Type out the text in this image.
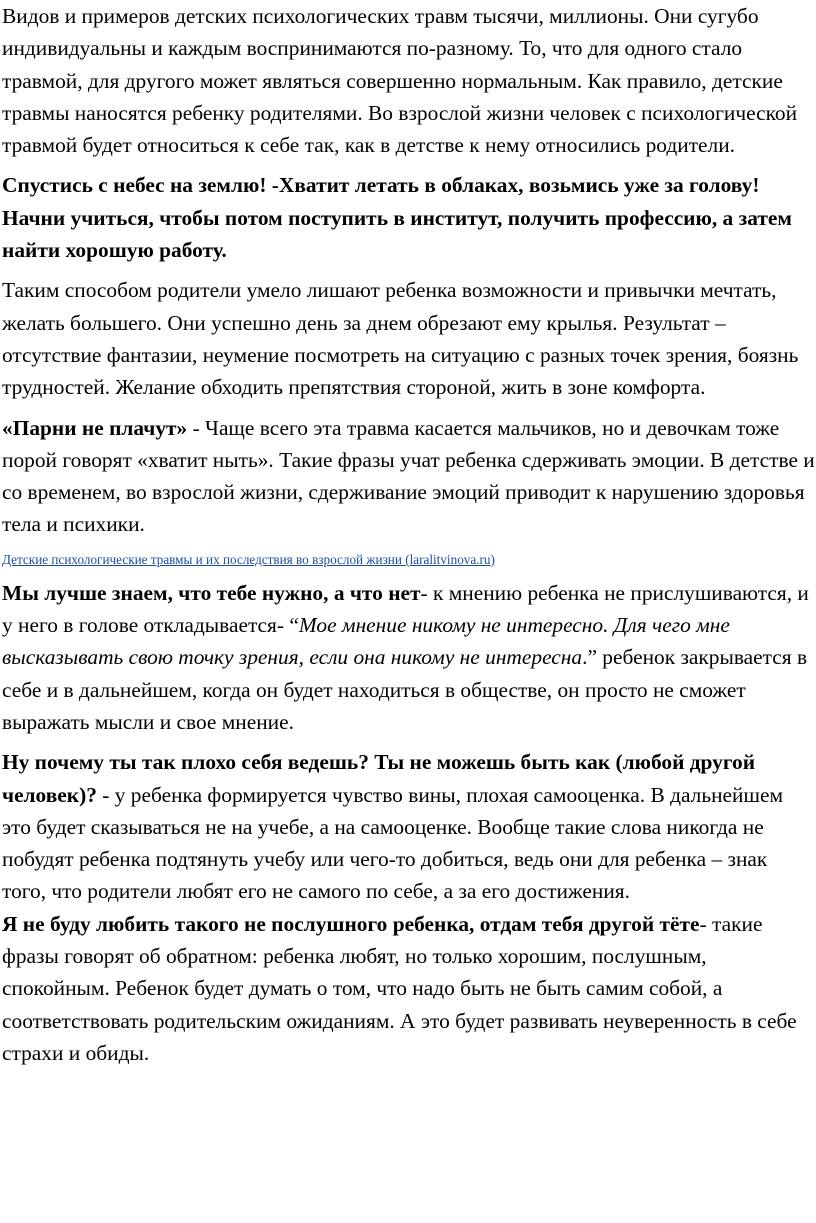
Видов и примеров детских психологических травм тысячи, миллионы. Они сугубо индивидуальны и каждым воспринимаются по-разному. То, что для одного стало травмой, для другого может являться совершенно нормальным. Как правило, детские травмы наносятся ребенку родителями. Во взрослой жизни человек с психологической травмой будет относиться к себе так, как в детстве к нему относились родители.

Спустись с небес на землю! -Хватит летать в облаках, возьмись уже за голову! Начни учиться, чтобы потом поступить в институт, получить профессию, а затем найти хорошую работу.

Таким способом родители умело лишают ребенка возможности и привычки мечтать, желать большего. Они успешно день за днем обрезают ему крылья. Результат – отсутствие фантазии, неумение посмотреть на ситуацию с разных точек зрения, боязнь трудностей. Желание обходить препятствия стороной, жить в зоне комфорта.

«Парни не плачут» - Чаще всего эта травма касается мальчиков, но и девочкам тоже порой говорят «хватит ныть». Такие фразы учат ребенка сдерживать эмоции. В детстве и со временем, во взрослой жизни, сдерживание эмоций приводит к нарушению здоровья тела и психики.

Детские психологические травмы и их последствия во взрослой жизни (laralitvinova.ru)

Мы лучше знаем, что тебе нужно, а что нет- к мнению ребенка не прислушиваются, и у него в голове откладывается- “Мое мнение никому не интересно. Для чего мне высказывать свою точку зрения, если она никому не интересна.” ребенок закрывается в себе и в дальнейшем, когда он будет находиться в обществе, он просто не сможет выражать мысли и свое мнение.

Ну почему ты так плохо себя ведешь? Ты не можешь быть как (любой другой человек)? - у ребенка формируется чувство вины, плохая самооценка. В дальнейшем это будет сказываться не на учебе, а на самооценке. Вообще такие слова никогда не побудят ребенка подтянуть учебу или чего-то добиться, ведь они для ребенка – знак того, что родители любят его не самого по себе, а за его достижения.

Я не буду любить такого не послушного ребенка, отдам тебя другой тёте- такие фразы говорят об обратном: ребенка любят, но только хорошим, послушным, спокойным. Ребенок будет думать о том, что надо быть не быть самим собой, а соответствовать родительским ожиданиям. А это будет развивать неуверенность в себе страхи и обиды.
